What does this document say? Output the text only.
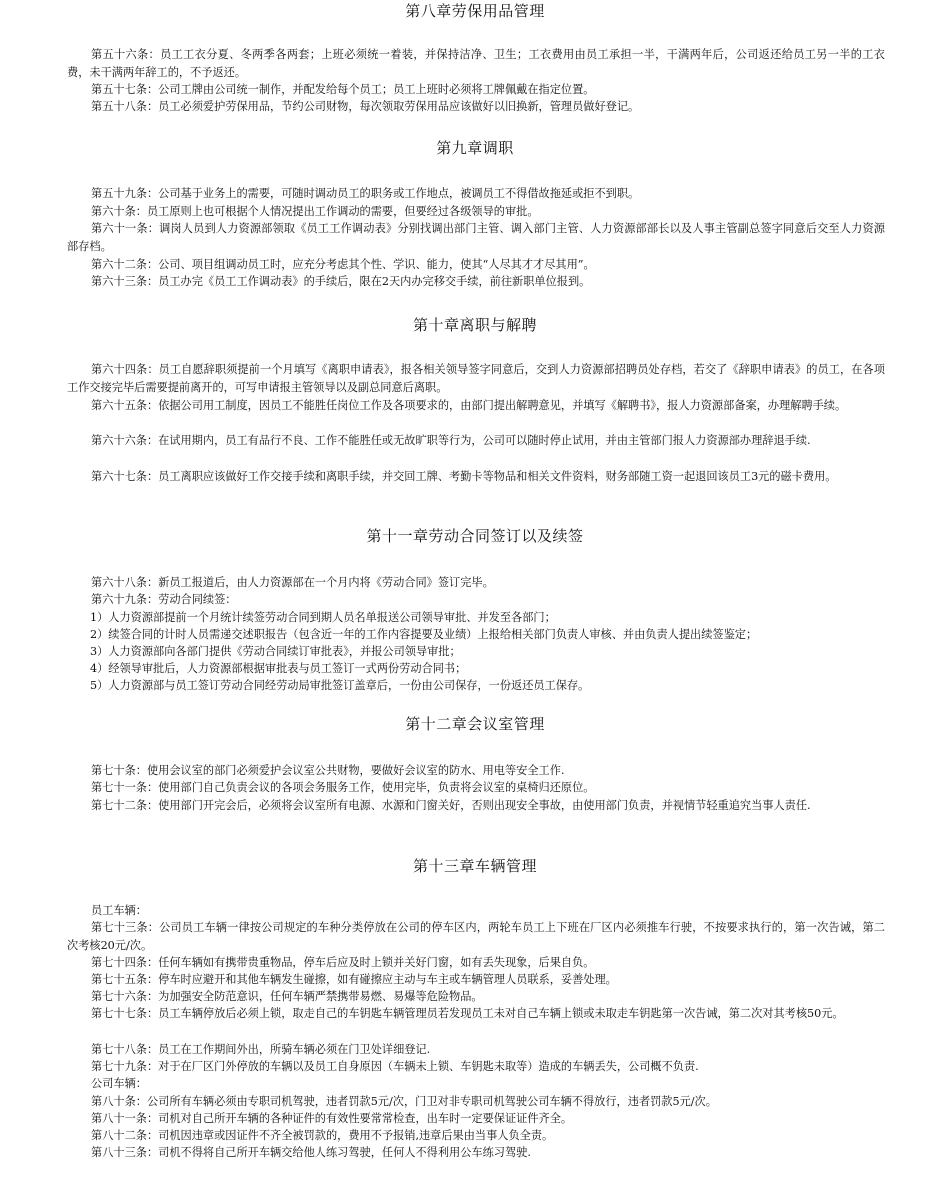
第八章劳保用品管理

第五十六条：员工工衣分夏、冬两季各两套；上班必须统一着装，并保持洁净、卫生；工衣费用由员工承担一半，干满两年后，公司返还给员工另一半的工衣费，未干满两年辞工的，不予返还。

第五十七条：公司工牌由公司统一制作，并配发给每个员工；员工上班时必须将工牌佩戴在指定位置。

第五十八条：员工必须爱护劳保用品，节约公司财物，每次领取劳保用品应该做好以旧换新，管理员做好登记。

第九章调职

第五十九条：公司基于业务上的需要，可随时调动员工的职务或工作地点，被调员工不得借故拖延或拒不到职。

第六十条：员工原则上也可根据个人情况提出工作调动的需要，但要经过各级领导的审批。

第六十一条：调岗人员到人力资源部领取《员工工作调动表》分别找调出部门主管、调入部门主管、人力资源部部长以及人事主管副总签字同意后交至人力资源部存档。

第六十二条：公司、项目组调动员工时，应充分考虑其个性、学识、能力，使其“人尽其才才尽其用”。

第六十三条：员工办完《员工工作调动表》的手续后，限在2天内办完移交手续，前往新职单位报到。

第十章离职与解聘

第六十四条：员工自愿辞职须提前一个月填写《离职申请表》，报各相关领导签字同意后，交到人力资源部招聘员处存档，若交了《辞职申请表》的员工，在各项工作交接完毕后需要提前离开的，可写申请报主管领导以及副总同意后离职。

第六十五条：依据公司用工制度，因员工不能胜任岗位工作及各项要求的，由部门提出解聘意见，并填写《解聘书》，报人力资源部备案，办理解聘手续。

第六十六条：在试用期内，员工有品行不良、工作不能胜任或无故旷职等行为，公司可以随时停止试用，并由主管部门报人力资源部办理辞退手续.

第六十七条：员工离职应该做好工作交接手续和离职手续，并交回工牌、考勤卡等物品和相关文件资料，财务部随工资一起退回该员工3元的磁卡费用。

第十一章劳动合同签订以及续签

第六十八条：新员工报道后，由人力资源部在一个月内将《劳动合同》签订完毕。

第六十九条：劳动合同续签：

1）人力资源部提前一个月统计续签劳动合同到期人员名单报送公司领导审批、并发至各部门；

2）续签合同的计时人员需递交述职报告（包含近一年的工作内容提要及业绩）上报给相关部门负责人审核、并由负责人提出续签鉴定；

3）人力资源部向各部门提供《劳动合同续订审批表》，并报公司领导审批；

4）经领导审批后，人力资源部根据审批表与员工签订一式两份劳动合同书；

5）人力资源部与员工签订劳动合同经劳动局审批签订盖章后，一份由公司保存，一份返还员工保存。

第十二章会议室管理

第七十条：使用会议室的部门必须爱护会议室公共财物，要做好会议室的防水、用电等安全工作.

第七十一条：使用部门自己负责会议的各项会务服务工作，使用完毕，负责将会议室的桌椅归还原位。

第七十二条：使用部门开完会后，必须将会议室所有电源、水源和门窗关好，否则出现安全事故，由使用部门负责，并视情节轻重追究当事人责任.

第十三章车辆管理

员工车辆：

第七十三条：公司员工车辆一律按公司规定的车种分类停放在公司的停车区内，两轮车员工上下班在厂区内必须推车行驶，不按要求执行的，第一次告诫，第二次考核20元/次。

第七十四条：任何车辆如有携带贵重物品，停车后应及时上锁并关好门窗，如有丢失现象，后果自负。

第七十五条：停车时应避开和其他车辆发生碰擦，如有碰擦应主动与车主或车辆管理人员联系，妥善处理。

第七十六条：为加强安全防范意识，任何车辆严禁携带易燃、易爆等危险物品。

第七十七条：员工车辆停放后必须上锁，取走自己的车钥匙车辆管理员若发现员工未对自己车辆上锁或未取走车钥匙第一次告诫，第二次对其考核50元。

第七十八条：员工在工作期间外出，所骑车辆必须在门卫处详细登记.

第七十九条：对于在厂区门外停放的车辆以及员工自身原因（车辆未上锁、车钥匙未取等）造成的车辆丢失，公司概不负责.

公司车辆：

第八十条：公司所有车辆必须由专职司机驾驶，违者罚款5元/次，门卫对非专职司机驾驶公司车辆不得放行，违者罚款5元/次。

第八十一条：司机对自己所开车辆的各种证件的有效性要常常检查，出车时一定要保证证件齐全。

第八十二条：司机因违章或因证件不齐全被罚款的，费用不予报销,违章后果由当事人负全责。

第八十三条：司机不得将自己所开车辆交给他人练习驾驶，任何人不得利用公车练习驾驶.
